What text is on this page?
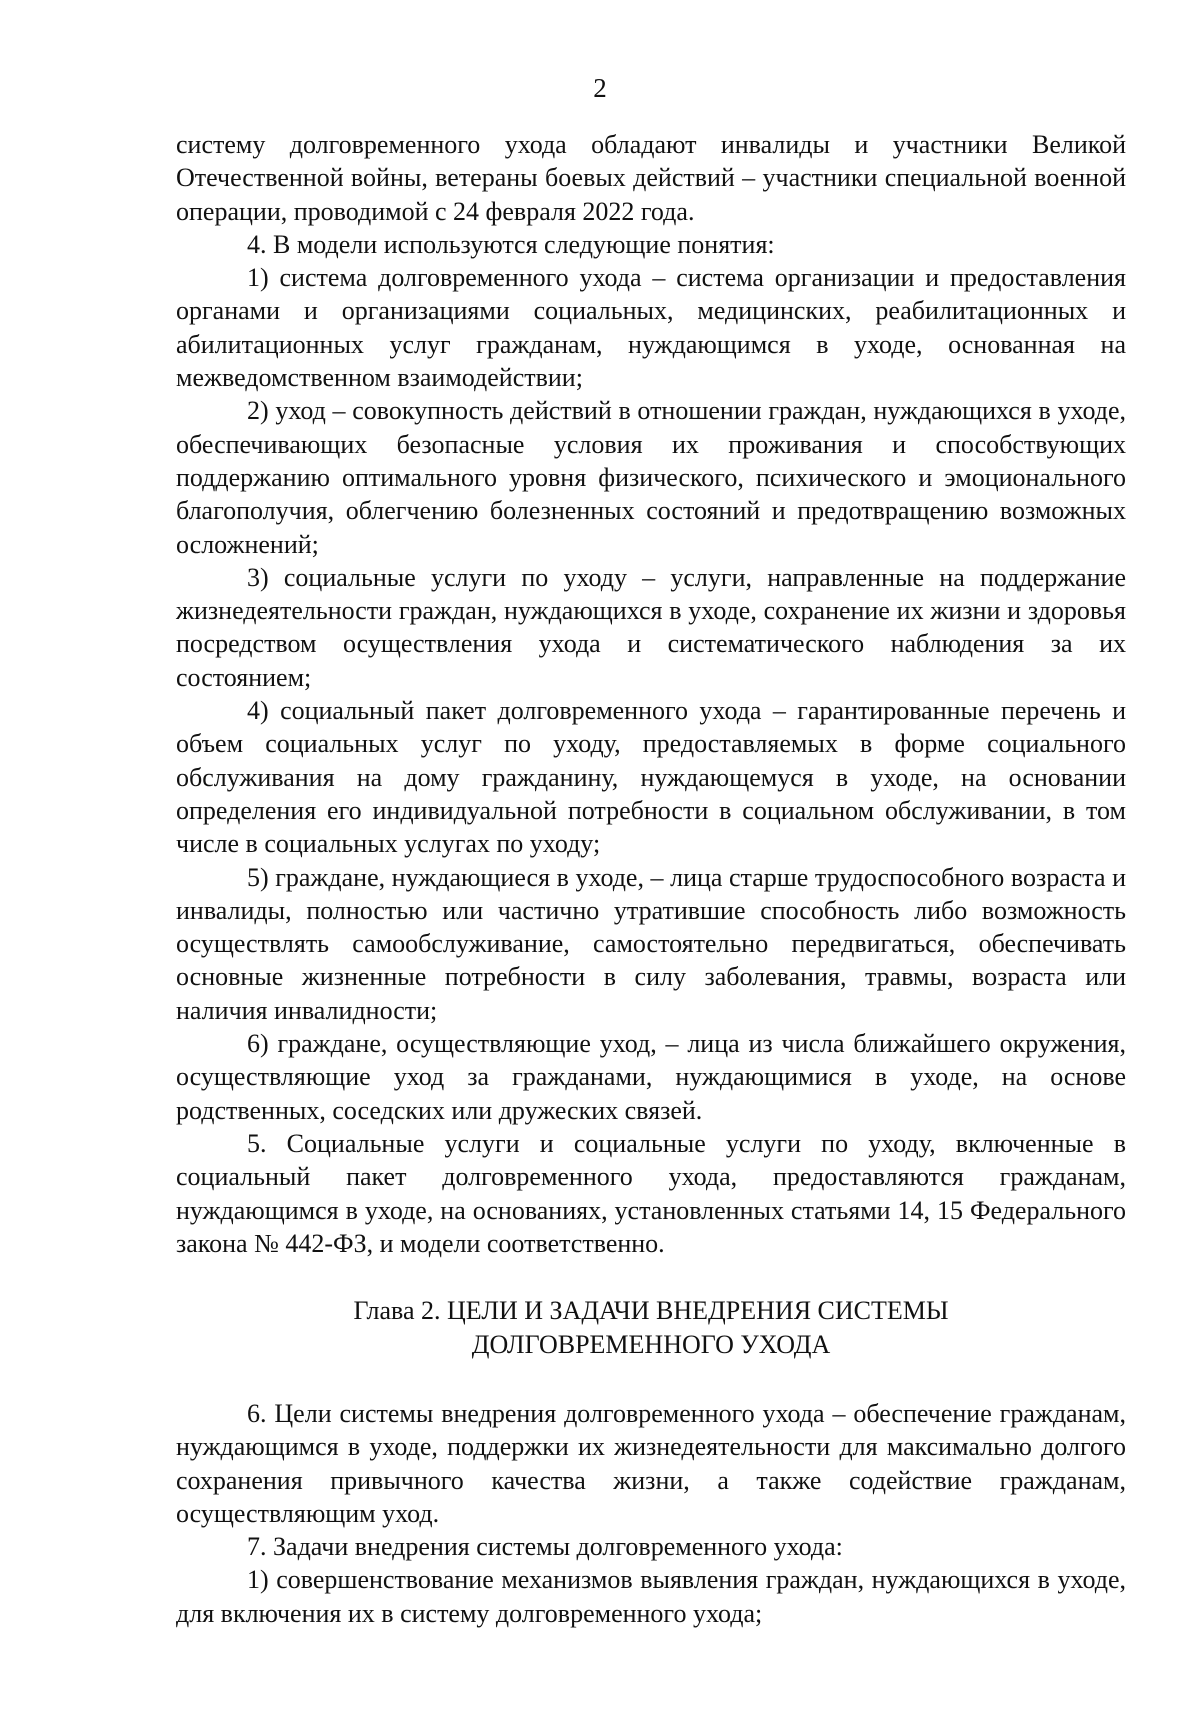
2

систему долговременного ухода обладают инвалиды и участники Великой Отечественной войны, ветераны боевых действий – участники специальной военной операции, проводимой с 24 февраля 2022 года.

4. В модели используются следующие понятия:

1) система долговременного ухода – система организации и предоставления органами и организациями социальных, медицинских, реабилитационных и абилитационных услуг гражданам, нуждающимся в уходе, основанная на межведомственном взаимодействии;

2) уход – совокупность действий в отношении граждан, нуждающихся в уходе, обеспечивающих безопасные условия их проживания и способствующих поддержанию оптимального уровня физического, психического и эмоционального благополучия, облегчению болезненных состояний и предотвращению возможных осложнений;

3) социальные услуги по уходу – услуги, направленные на поддержание жизнедеятельности граждан, нуждающихся в уходе, сохранение их жизни и здоровья посредством осуществления ухода и систематического наблюдения за их состоянием;

4) социальный пакет долговременного ухода – гарантированные перечень и объем социальных услуг по уходу, предоставляемых в форме социального обслуживания на дому гражданину, нуждающемуся в уходе, на основании определения его индивидуальной потребности в социальном обслуживании, в том числе в социальных услугах по уходу;

5) граждане, нуждающиеся в уходе, – лица старше трудоспособного возраста и инвалиды, полностью или частично утратившие способность либо возможность осуществлять самообслуживание, самостоятельно передвигаться, обеспечивать основные жизненные потребности в силу заболевания, травмы, возраста или наличия инвалидности;

6) граждане, осуществляющие уход, – лица из числа ближайшего окружения, осуществляющие уход за гражданами, нуждающимися в уходе, на основе родственных, соседских или дружеских связей.

5. Социальные услуги и социальные услуги по уходу, включенные в социальный пакет долговременного ухода, предоставляются гражданам, нуждающимся в уходе, на основаниях, установленных статьями 14, 15 Федерального закона № 442-ФЗ, и модели соответственно.

Глава 2. ЦЕЛИ И ЗАДАЧИ ВНЕДРЕНИЯ СИСТЕМЫ
ДОЛГОВРЕМЕННОГО УХОДА

6. Цели системы внедрения долговременного ухода – обеспечение гражданам, нуждающимся в уходе, поддержки их жизнедеятельности для максимально долгого сохранения привычного качества жизни, а также содействие гражданам, осуществляющим уход.

7. Задачи внедрения системы долговременного ухода:

1) совершенствование механизмов выявления граждан, нуждающихся в уходе, для включения их в систему долговременного ухода;
